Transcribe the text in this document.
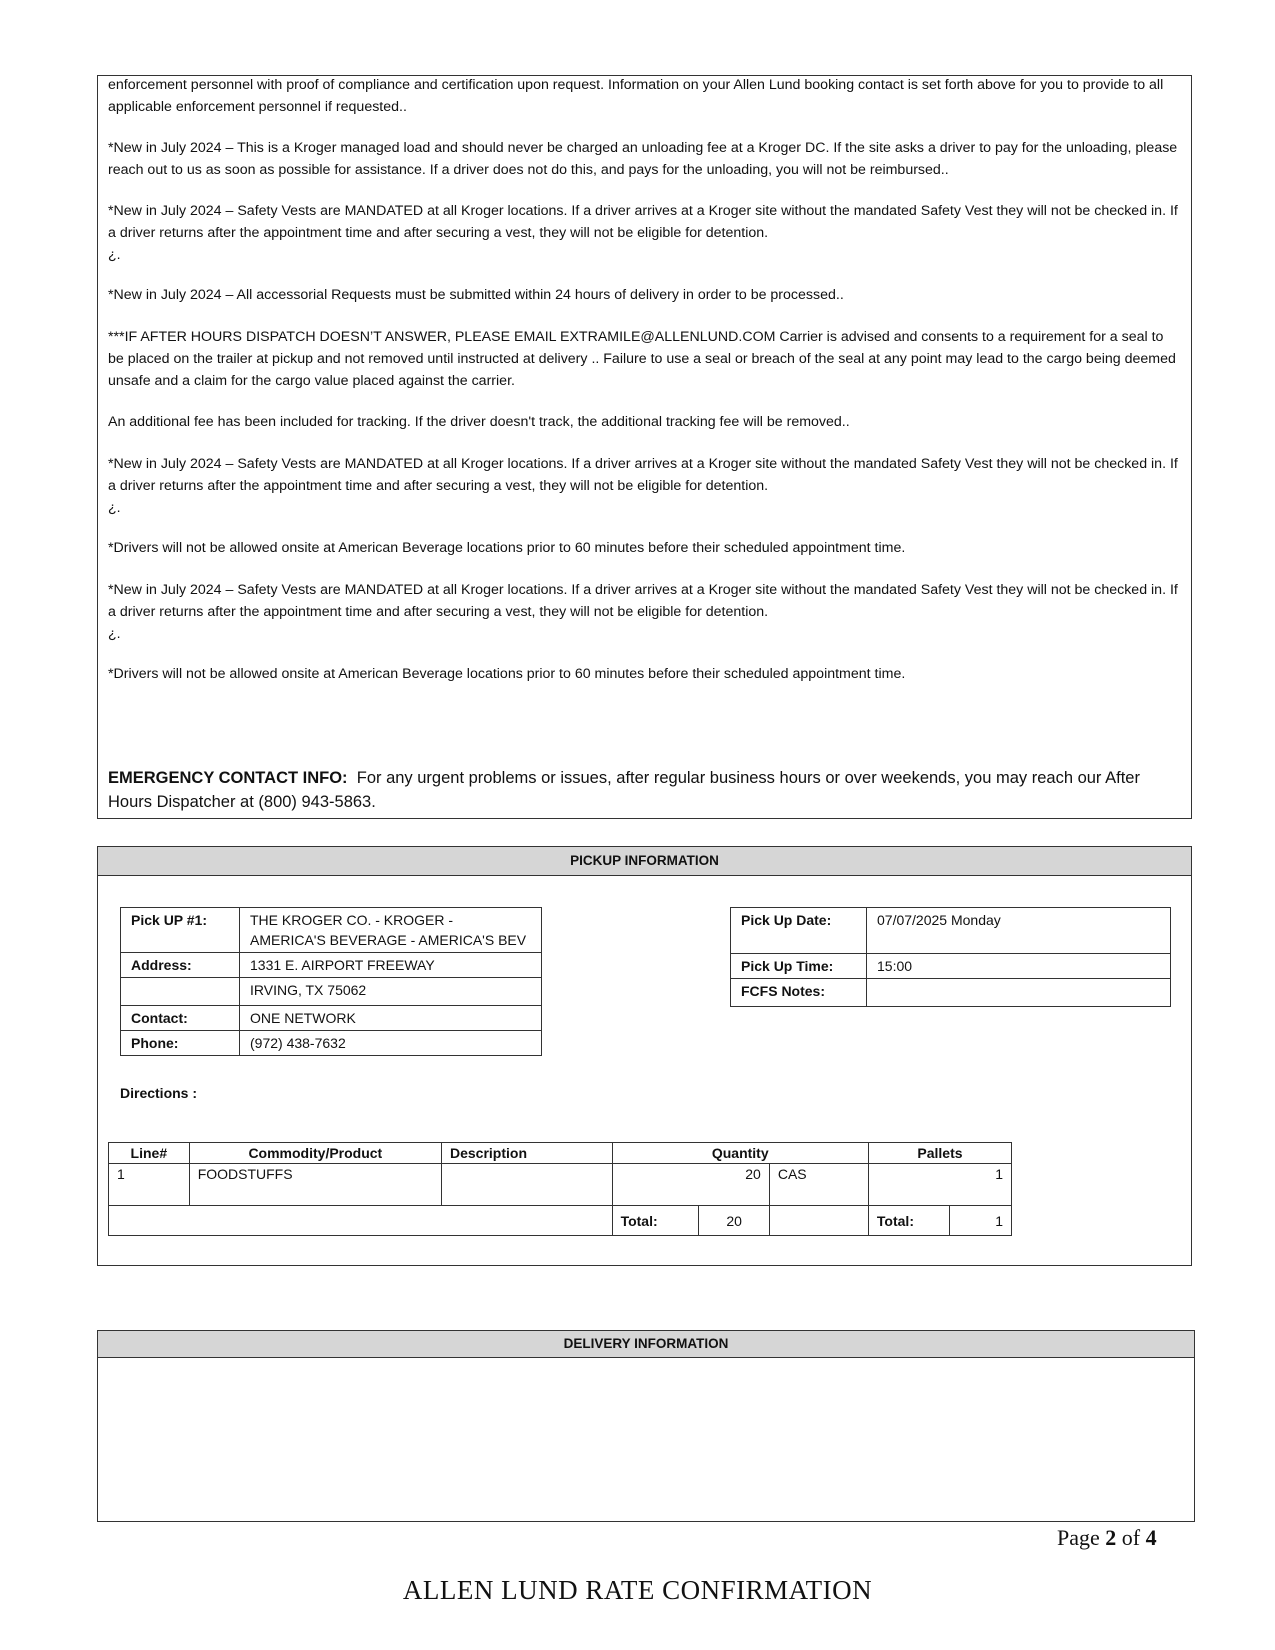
enforcement personnel with proof of compliance and certification upon request. Information on your Allen Lund booking contact is set forth above for you to provide to all applicable enforcement personnel if requested..

*New in July 2024 – This is a Kroger managed load and should never be charged an unloading fee at a Kroger DC. If the site asks a driver to pay for the unloading, please reach out to us as soon as possible for assistance. If a driver does not do this, and pays for the unloading, you will not be reimbursed..

*New in July 2024 – Safety Vests are MANDATED at all Kroger locations. If a driver arrives at a Kroger site without the mandated Safety Vest they will not be checked in. If a driver returns after the appointment time and after securing a vest, they will not be eligible for detention.
¿.

*New in July 2024 – All accessorial Requests must be submitted within 24 hours of delivery in order to be processed..

***IF AFTER HOURS DISPATCH DOESN’T ANSWER, PLEASE EMAIL EXTRAMILE@ALLENLUND.COM Carrier is advised and consents to a requirement for a seal to be placed on the trailer at pickup and not removed until instructed at delivery .. Failure to use a seal or breach of the seal at any point may lead to the cargo being deemed unsafe and a claim for the cargo value placed against the carrier.

An additional fee has been included for tracking. If the driver doesn't track, the additional tracking fee will be removed..

*New in July 2024 – Safety Vests are MANDATED at all Kroger locations. If a driver arrives at a Kroger site without the mandated Safety Vest they will not be checked in. If a driver returns after the appointment time and after securing a vest, they will not be eligible for detention.
¿.

*Drivers will not be allowed onsite at American Beverage locations prior to 60 minutes before their scheduled appointment time.

*New in July 2024 – Safety Vests are MANDATED at all Kroger locations. If a driver arrives at a Kroger site without the mandated Safety Vest they will not be checked in. If a driver returns after the appointment time and after securing a vest, they will not be eligible for detention.
¿.

*Drivers will not be allowed onsite at American Beverage locations prior to 60 minutes before their scheduled appointment time.

EMERGENCY CONTACT INFO: For any urgent problems or issues, after regular business hours or over weekends, you may reach our After Hours Dispatcher at (800) 943-5863.
PICKUP INFORMATION
Pick UP #1:	THE KROGER CO. - KROGER - AMERICA'S BEVERAGE - AMERICA'S BEV
Address:	1331 E. AIRPORT FREEWAY
	IRVING, TX 75062
Contact:	ONE NETWORK
Phone:	(972) 438-7632
Pick Up Date:	07/07/2025 Monday
Pick Up Time:	15:00
FCFS Notes:	
Directions :
Line#	Commodity/Product	Description	Quantity			Pallets	
1	FOODSTUFFS		20		CAS	1	
			Total:	20		Total:	1
DELIVERY INFORMATION
Page 2 of 4
ALLEN LUND RATE CONFIRMATION
